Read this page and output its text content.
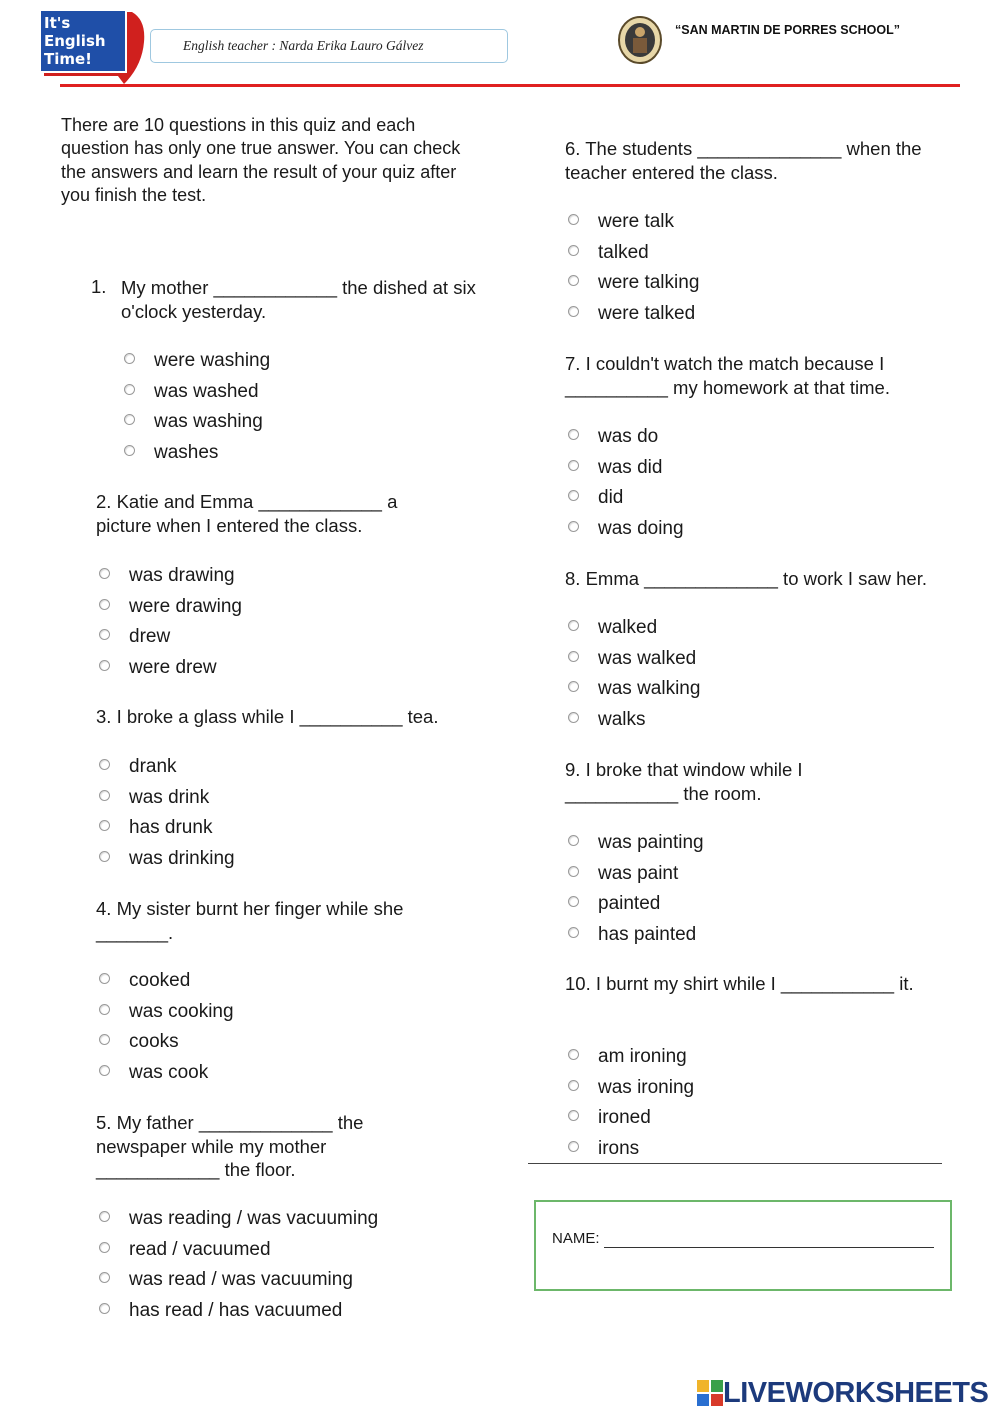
It's
English
Time!
English teacher : Narda Erika Lauro Gálvez
“SAN MARTIN DE PORRES SCHOOL”
There are 10 questions in this quiz and each question has only one true answer. You can check the answers and learn the result of your quiz after you finish the test.
1. My mother ____________ the dished at six o'clock yesterday.
were washing
was washed
was washing
washes
2. Katie and Emma ____________ a picture when I entered the class.
was drawing
were drawing
drew
were drew
3. I broke a glass while I __________ tea.
drank
was drink
has drunk
was drinking
4. My sister burnt her finger while she _______.
cooked
was cooking
cooks
was cook
5. My father _____________ the newspaper while my mother ____________ the floor.
was reading / was vacuuming
read / vacuumed
was read / was vacuuming
has read / has vacuumed
6. The students ______________ when the teacher entered the class.
were talk
talked
were talking
were talked
7. I couldn't watch the match because I __________ my homework at that time.
was do
was did
did
was doing
8. Emma _____________ to work I saw her.
walked
was walked
was walking
walks
9. I broke that window while I ___________ the room.
was painting
was paint
painted
has painted
10. I burnt my shirt while I ___________ it.
am ironing
was ironing
ironed
irons
NAME:
LIVEWORKSHEETS
